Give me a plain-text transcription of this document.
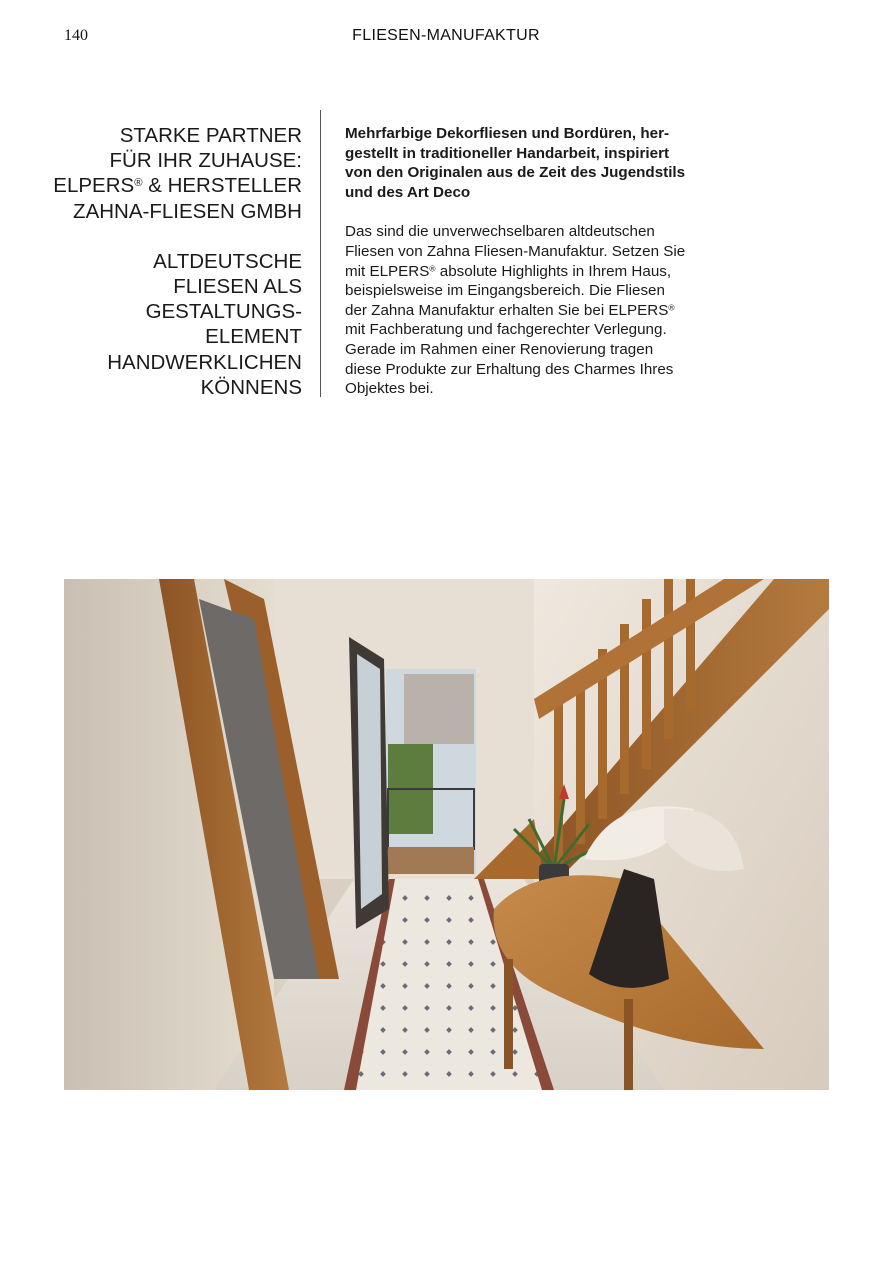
140	FLIESEN-MANUFAKTUR
STARKE PARTNER
FÜR IHR ZUHAUSE:
ELPERS® & HERSTELLER
ZAHNA-FLIESEN GMBH
ALTDEUTSCHE
FLIESEN ALS
GESTALTUNGS-
ELEMENT
HANDWERKLICHEN
KÖNNENS

Mehrfarbige Dekorfliesen und Bordüren, her-
gestellt in traditioneller Handarbeit, inspiriert
von den Originalen aus de Zeit des Jugendstils
und des Art Deco

Das sind die unverwechselbaren altdeutschen
Fliesen von Zahna Fliesen-Manufaktur. Setzen Sie
mit ELPERS® absolute Highlights in Ihrem Haus,
beispielsweise im Eingangsbereich. Die Fliesen
der Zahna Manufaktur erhalten Sie bei ELPERS®
mit Fachberatung und fachgerechter Verlegung.
Gerade im Rahmen einer Renovierung tragen
diese Produkte zur Erhaltung des Charmes Ihres
Objektes bei.
